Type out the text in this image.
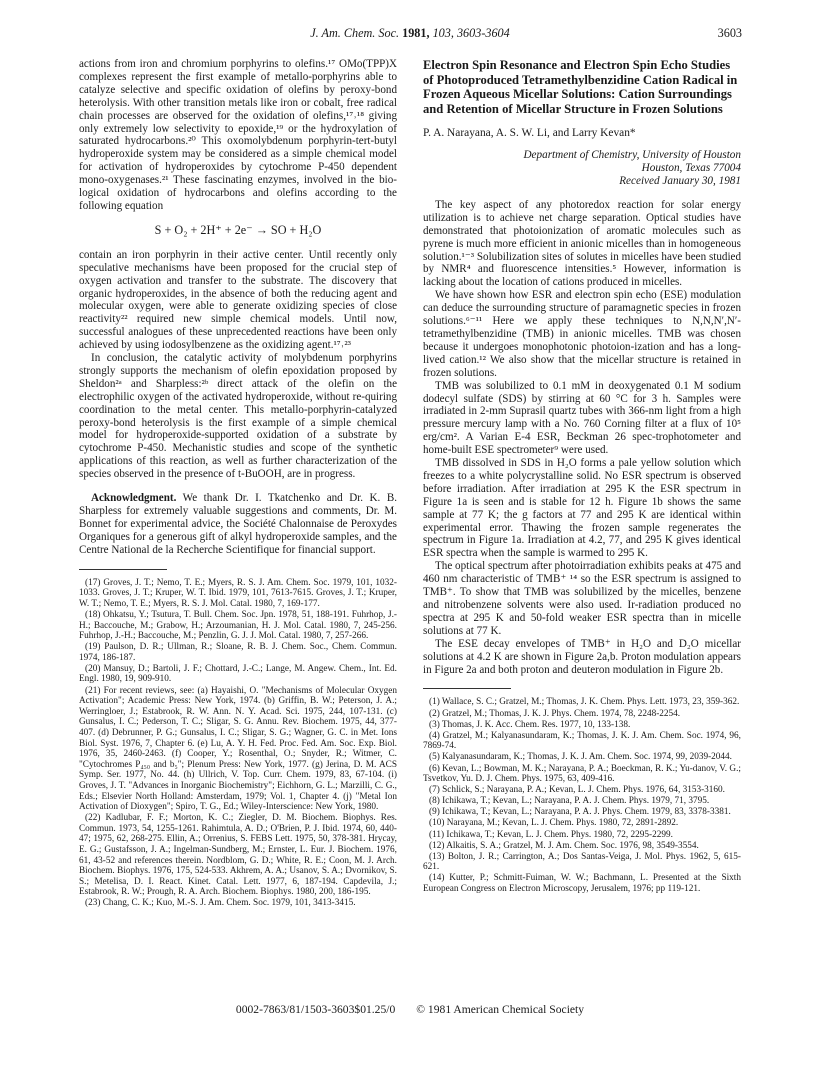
J. Am. Chem. Soc. 1981, 103, 3603-3604	3603

actions from iron and chromium porphyrins to olefins.¹⁷ OMo(TPP)X complexes represent the first example of metallo-porphyrins able to catalyze selective and specific oxidation of olefins by peroxy-bond heterolysis. With other transition metals like iron or cobalt, free radical chain processes are observed for the oxidation of olefins,¹⁷˒¹⁸ giving only extremely low selectivity to epoxide,¹⁹ or the hydroxylation of saturated hydrocarbons.²⁰ This oxomolybdenum porphyrin-tert-butyl hydroperoxide system may be considered as a simple chemical model for activation of hydroperoxides by cytochrome P-450 dependent mono-oxygenases.²¹ These fascinating enzymes, involved in the bio-logical oxidation of hydrocarbons and olefins according to the following equation

S + O₂ + 2H⁺ + 2e⁻ → SO + H₂O

contain an iron porphyrin in their active center. Until recently only speculative mechanisms have been proposed for the crucial step of oxygen activation and transfer to the substrate. The discovery that organic hydroperoxides, in the absence of both the reducing agent and molecular oxygen, were able to generate oxidizing species of close reactivity²² required new simple chemical models. Until now, successful analogues of these unprecedented reactions have been only achieved by using iodosylbenzene as the oxidizing agent.¹⁷˒²³

In conclusion, the catalytic activity of molybdenum porphyrins strongly supports the mechanism of olefin epoxidation proposed by Sheldon²ᵃ and Sharpless:²ᵇ direct attack of the olefin on the electrophilic oxygen of the activated hydroperoxide, without re-quiring coordination to the metal center. This metallo-porphyrin-catalyzed peroxy-bond heterolysis is the first example of a simple chemical model for hydroperoxide-supported oxidation of a substrate by cytochrome P-450. Mechanistic studies and scope of the synthetic applications of this reaction, as well as further characterization of the species observed in the presence of t-BuOOH, are in progress.

Acknowledgment. We thank Dr. I. Tkatchenko and Dr. K. B. Sharpless for extremely valuable suggestions and comments, Dr. M. Bonnet for experimental advice, the Société Chalonnaise de Peroxydes Organiques for a generous gift of alkyl hydroperoxide samples, and the Centre National de la Recherche Scientifique for financial support.

(17) Groves, J. T.; Nemo, T. E.; Myers, R. S. J. Am. Chem. Soc. 1979, 101, 1032-1033. Groves, J. T.; Kruper, W. T. Ibid. 1979, 101, 7613-7615. Groves, J. T.; Kruper, W. T.; Nemo, T. E.; Myers, R. S. J. Mol. Catal. 1980, 7, 169-177.

(18) Ohkatsu, Y.; Tsutura, T. Bull. Chem. Soc. Jpn. 1978, 51, 188-191. Fuhrhop, J.-H.; Baccouche, M.; Grabow, H.; Arzoumanian, H. J. Mol. Catal. 1980, 7, 245-256. Fuhrhop, J.-H.; Baccouche, M.; Penzlin, G. J. J. Mol. Catal. 1980, 7, 257-266.

(19) Paulson, D. R.; Ullman, R.; Sloane, R. B. J. Chem. Soc., Chem. Commun. 1974, 186-187.

(20) Mansuy, D.; Bartoli, J. F.; Chottard, J.-C.; Lange, M. Angew. Chem., Int. Ed. Engl. 1980, 19, 909-910.

(21) For recent reviews, see: (a) Hayaishi, O. "Mechanisms of Molecular Oxygen Activation"; Academic Press: New York, 1974. (b) Griffin, B. W.; Peterson, J. A.; Werringloer, J.; Estabrook, R. W. Ann. N. Y. Acad. Sci. 1975, 244, 107-131. (c) Gunsalus, I. C.; Pederson, T. C.; Sligar, S. G. Annu. Rev. Biochem. 1975, 44, 377-407. (d) Debrunner, P. G.; Gunsalus, I. C.; Sligar, S. G.; Wagner, G. C. in Met. Ions Biol. Syst. 1976, 7, Chapter 6. (e) Lu, A. Y. H. Fed. Proc. Fed. Am. Soc. Exp. Biol. 1976, 35, 2460-2463. (f) Cooper, Y.; Rosenthal, O.; Snyder, R.; Witmer, C. "Cytochromes P₄₅₀ and b₅"; Plenum Press: New York, 1977. (g) Jerina, D. M. ACS Symp. Ser. 1977, No. 44. (h) Ullrich, V. Top. Curr. Chem. 1979, 83, 67-104. (i) Groves, J. T. "Advances in Inorganic Biochemistry"; Eichhorn, G. L.; Marzilli, C. G., Eds.; Elsevier North Holland: Amsterdam, 1979; Vol. 1, Chapter 4. (j) "Metal Ion Activation of Dioxygen"; Spiro, T. G., Ed.; Wiley-Interscience: New York, 1980.

(22) Kadlubar, F. F.; Morton, K. C.; Ziegler, D. M. Biochem. Biophys. Res. Commun. 1973, 54, 1255-1261. Rahimtula, A. D.; O'Brien, P. J. Ibid. 1974, 60, 440-47; 1975, 62, 268-275. Ellin, A.; Orrenius, S. FEBS Lett. 1975, 50, 378-381. Hrycay, E. G.; Gustafsson, J. A.; Ingelman-Sundberg, M.; Ernster, L. Eur. J. Biochem. 1976, 61, 43-52 and references therein. Nordblom, G. D.; White, R. E.; Coon, M. J. Arch. Biochem. Biophys. 1976, 175, 524-533. Akhrem, A. A.; Usanov, S. A.; Dvornikov, S. S.; Metelisa, D. I. React. Kinet. Catal. Lett. 1977, 6, 187-194. Capdevila, J.; Estabrook, R. W.; Prough, R. A. Arch. Biochem. Biophys. 1980, 200, 186-195.

(23) Chang, C. K.; Kuo, M.-S. J. Am. Chem. Soc. 1979, 101, 3413-3415.

Electron Spin Resonance and Electron Spin Echo Studies of Photoproduced Tetramethylbenzidine Cation Radical in Frozen Aqueous Micellar Solutions: Cation Surroundings and Retention of Micellar Structure in Frozen Solutions
P. A. Narayana, A. S. W. Li, and Larry Kevan*
Department of Chemistry, University of Houston
Houston, Texas 77004
Received January 30, 1981

The key aspect of any photoredox reaction for solar energy utilization is to achieve net charge separation. Optical studies have demonstrated that photoionization of aromatic molecules such as pyrene is much more efficient in anionic micelles than in homogeneous solution.¹⁻³ Solubilization sites of solutes in micelles have been studied by NMR⁴ and fluorescence intensities.⁵ However, information is lacking about the location of cations produced in micelles.

We have shown how ESR and electron spin echo (ESE) modulation can deduce the surrounding structure of paramagnetic species in frozen solutions.⁶⁻¹¹ Here we apply these techniques to N,N,N′,N′-tetramethylbenzidine (TMB) in anionic micelles. TMB was chosen because it undergoes monophotonic photoion-ization and has a long-lived cation.¹² We also show that the micellar structure is retained in frozen solutions.

TMB was solubilized to 0.1 mM in deoxygenated 0.1 M sodium dodecyl sulfate (SDS) by stirring at 60 °C for 3 h. Samples were irradiated in 2-mm Suprasil quartz tubes with 366-nm light from a high pressure mercury lamp with a No. 760 Corning filter at a flux of 10⁵ erg/cm². A Varian E-4 ESR, Beckman 26 spec-trophotometer and home-built ESE spectrometer⁹ were used.

TMB dissolved in SDS in H₂O forms a pale yellow solution which freezes to a white polycrystalline solid. No ESR spectrum is observed before irradiation. After irradiation at 295 K the ESR spectrum in Figure 1a is seen and is stable for 12 h. Figure 1b shows the same sample at 77 K; the g factors at 77 and 295 K are identical within experimental error. Thawing the frozen sample regenerates the spectrum in Figure 1a. Irradiation at 4.2, 77, and 295 K gives identical ESR spectra when the sample is warmed to 295 K.

The optical spectrum after photoirradiation exhibits peaks at 475 and 460 nm characteristic of TMB⁺ ¹⁴ so the ESR spectrum is assigned to TMB⁺. To show that TMB was solubilized by the micelles, benzene and nitrobenzene solvents were also used. Ir-radiation produced no spectra at 295 K and 50-fold weaker ESR spectra than in micelle solutions at 77 K.

The ESE decay envelopes of TMB⁺ in H₂O and D₂O micellar solutions at 4.2 K are shown in Figure 2a,b. Proton modulation appears in Figure 2a and both proton and deuteron modulation in Figure 2b.

(1) Wallace, S. C.; Gratzel, M.; Thomas, J. K. Chem. Phys. Lett. 1973, 23, 359-362.

(2) Gratzel, M.; Thomas, J. K. J. Phys. Chem. 1974, 78, 2248-2254.

(3) Thomas, J. K. Acc. Chem. Res. 1977, 10, 133-138.

(4) Gratzel, M.; Kalyanasundaram, K.; Thomas, J. K. J. Am. Chem. Soc. 1974, 96, 7869-74.

(5) Kalyanasundaram, K.; Thomas, J. K. J. Am. Chem. Soc. 1974, 99, 2039-2044.

(6) Kevan, L.; Bowman, M. K.; Narayana, P. A.; Boeckman, R. K.; Yu-danov, V. G.; Tsvetkov, Yu. D. J. Chem. Phys. 1975, 63, 409-416.

(7) Schlick, S.; Narayana, P. A.; Kevan, L. J. Chem. Phys. 1976, 64, 3153-3160.

(8) Ichikawa, T.; Kevan, L.; Narayana, P. A. J. Chem. Phys. 1979, 71, 3795.

(9) Ichikawa, T.; Kevan, L.; Narayana, P. A. J. Phys. Chem. 1979, 83, 3378-3381.

(10) Narayana, M.; Kevan, L. J. Chem. Phys. 1980, 72, 2891-2892.

(11) Ichikawa, T.; Kevan, L. J. Chem. Phys. 1980, 72, 2295-2299.

(12) Alkaitis, S. A.; Gratzel, M. J. Am. Chem. Soc. 1976, 98, 3549-3554.

(13) Bolton, J. R.; Carrington, A.; Dos Santas-Veiga, J. Mol. Phys. 1962, 5, 615-621.

(14) Kutter, P.; Schmitt-Fuiman, W. W.; Bachmann, L. Presented at the Sixth European Congress on Electron Microscopy, Jerusalem, 1976; pp 119-121.

0002-7863/81/1503-3603$01.25/0 © 1981 American Chemical Society
